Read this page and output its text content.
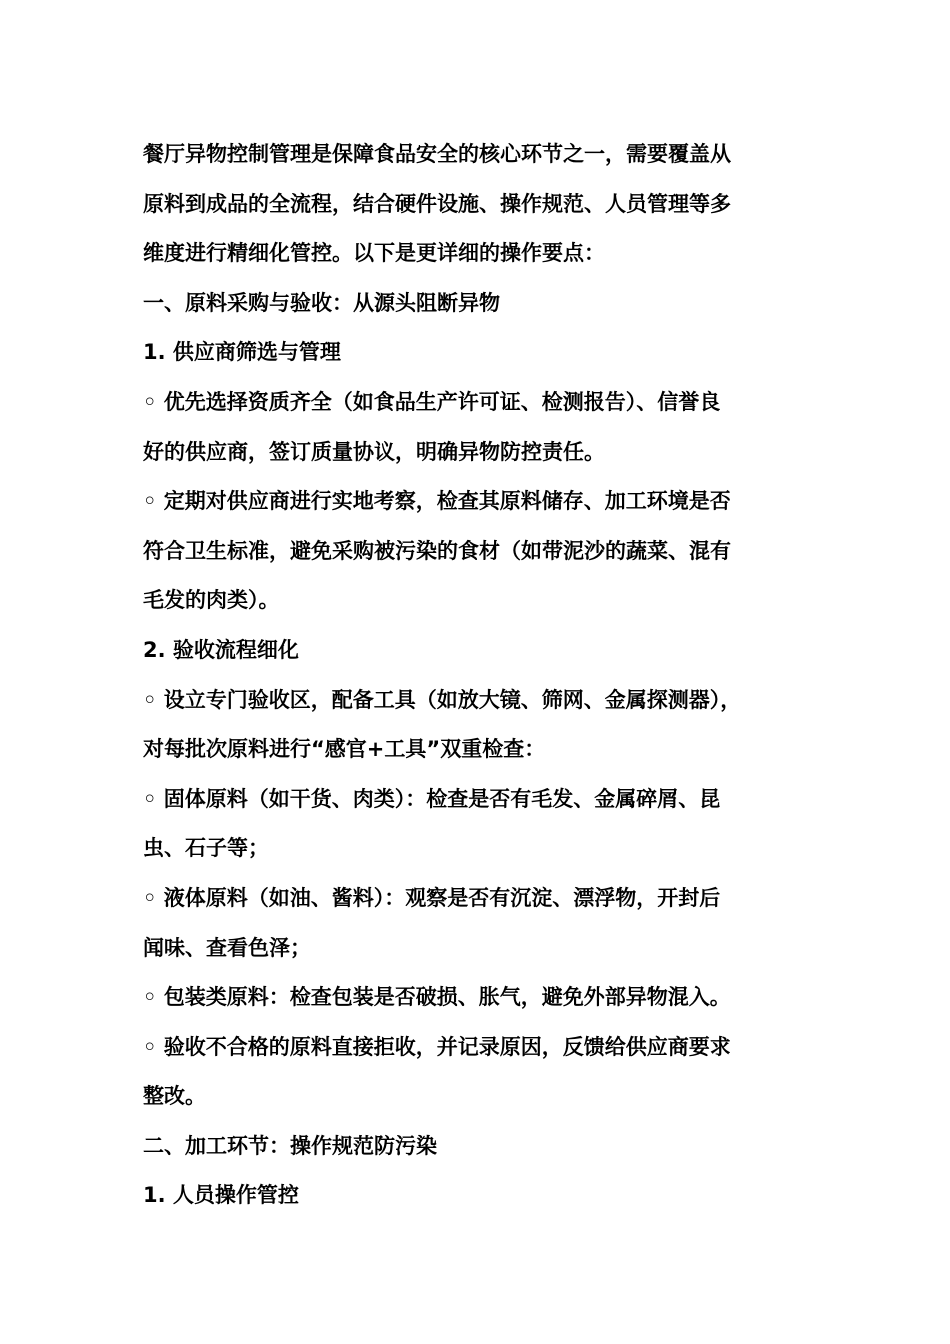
餐厅异物控制管理是保障食品安全的核心环节之一，需要覆盖从
原料到成品的全流程，结合硬件设施、操作规范、人员管理等多
维度进行精细化管控。以下是更详细的操作要点：
一、原料采购与验收：从源头阻断异物
1. 供应商筛选与管理
◦ 优先选择资质齐全（如食品生产许可证、检测报告）、信誉良
好的供应商，签订质量协议，明确异物防控责任。
◦ 定期对供应商进行实地考察，检查其原料储存、加工环境是否
符合卫生标准，避免采购被污染的食材（如带泥沙的蔬菜、混有
毛发的肉类）。
2. 验收流程细化
◦ 设立专门验收区，配备工具（如放大镜、筛网、金属探测器），
对每批次原料进行“感官+工具”双重检查：
◦ 固体原料（如干货、肉类）：检查是否有毛发、金属碎屑、昆
虫、石子等；
◦ 液体原料（如油、酱料）：观察是否有沉淀、漂浮物，开封后
闻味、查看色泽；
◦ 包装类原料：检查包装是否破损、胀气，避免外部异物混入。
◦ 验收不合格的原料直接拒收，并记录原因，反馈给供应商要求
整改。
二、加工环节：操作规范防污染
1. 人员操作管控
